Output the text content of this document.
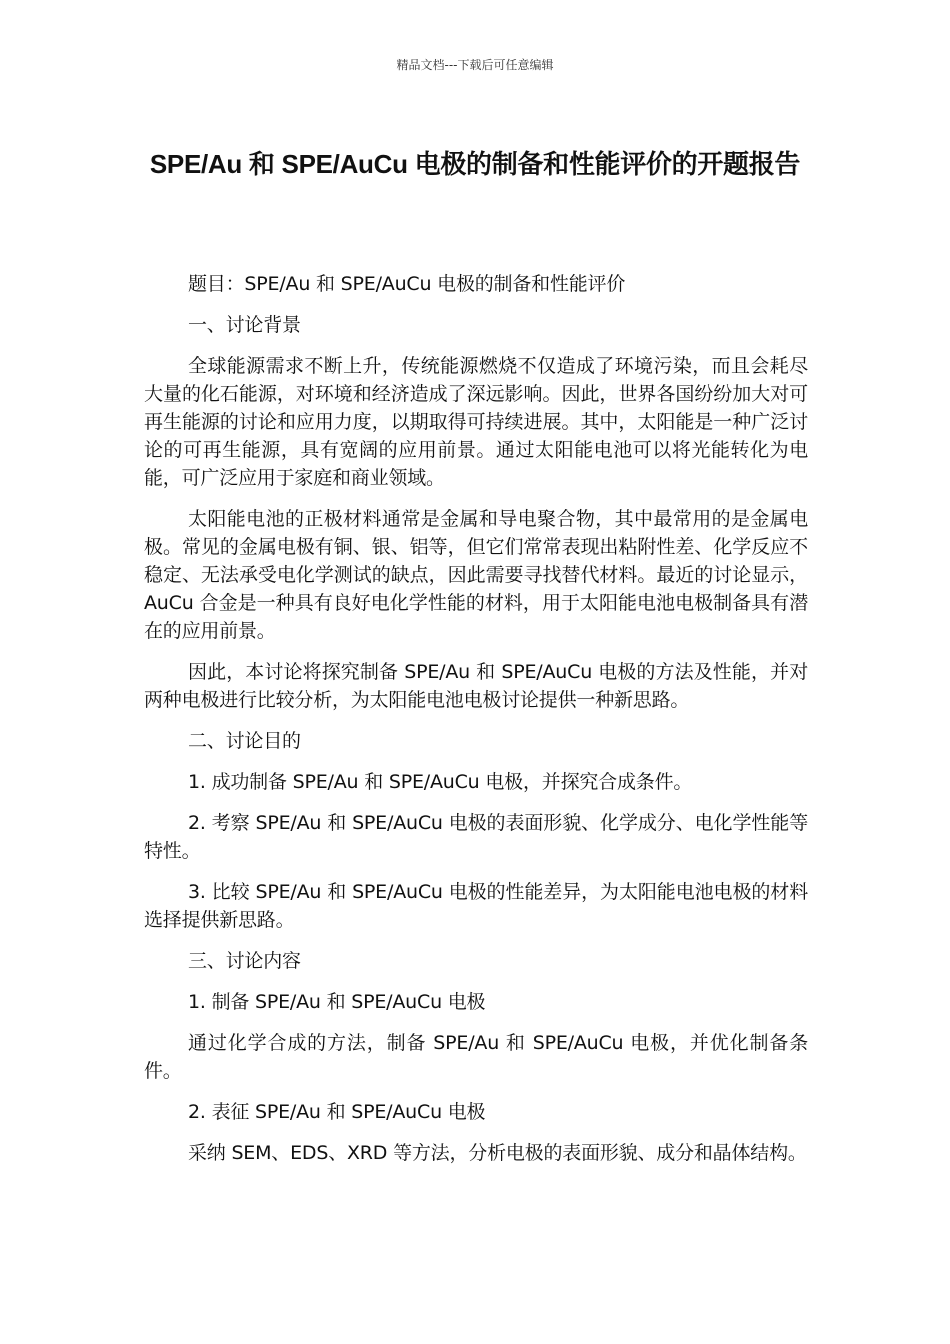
精品文档---下载后可任意编辑
SPE/Au 和 SPE/AuCu 电极的制备和性能评价的开题报告

题目：SPE/Au 和 SPE/AuCu 电极的制备和性能评价

一、讨论背景

全球能源需求不断上升，传统能源燃烧不仅造成了环境污染，而且会耗尽大量的化石能源，对环境和经济造成了深远影响。因此，世界各国纷纷加大对可再生能源的讨论和应用力度，以期取得可持续进展。其中，太阳能是一种广泛讨论的可再生能源，具有宽阔的应用前景。通过太阳能电池可以将光能转化为电能，可广泛应用于家庭和商业领域。

太阳能电池的正极材料通常是金属和导电聚合物，其中最常用的是金属电极。常见的金属电极有铜、银、铝等，但它们常常表现出粘附性差、化学反应不稳定、无法承受电化学测试的缺点，因此需要寻找替代材料。最近的讨论显示，AuCu 合金是一种具有良好电化学性能的材料，用于太阳能电池电极制备具有潜在的应用前景。

因此，本讨论将探究制备 SPE/Au 和 SPE/AuCu 电极的方法及性能，并对两种电极进行比较分析，为太阳能电池电极讨论提供一种新思路。

二、讨论目的

1. 成功制备 SPE/Au 和 SPE/AuCu 电极，并探究合成条件。

2. 考察 SPE/Au 和 SPE/AuCu 电极的表面形貌、化学成分、电化学性能等特性。

3. 比较 SPE/Au 和 SPE/AuCu 电极的性能差异，为太阳能电池电极的材料选择提供新思路。

三、讨论内容

1. 制备 SPE/Au 和 SPE/AuCu 电极

通过化学合成的方法，制备 SPE/Au 和 SPE/AuCu 电极，并优化制备条件。

2. 表征 SPE/Au 和 SPE/AuCu 电极

采纳 SEM、EDS、XRD 等方法，分析电极的表面形貌、成分和晶体结构。
